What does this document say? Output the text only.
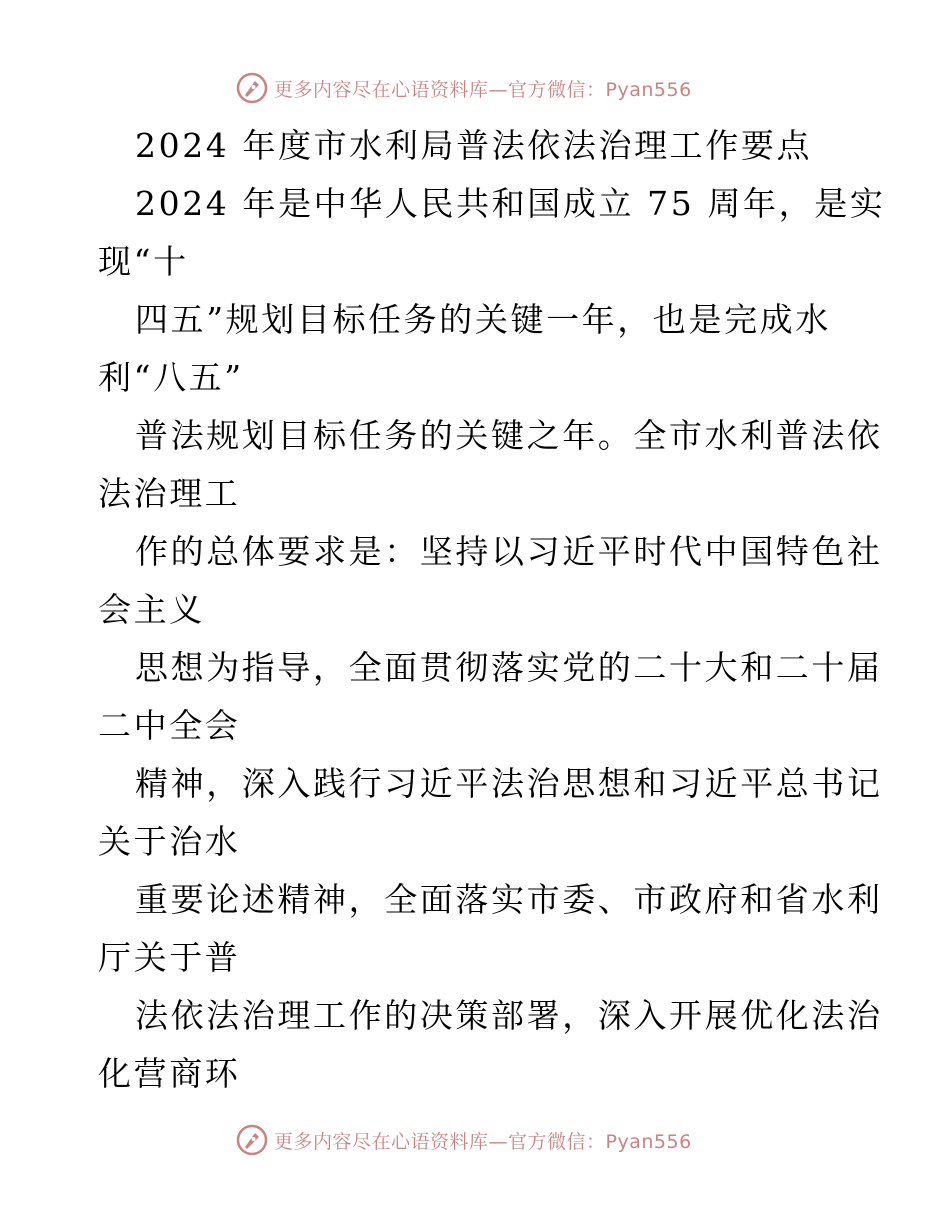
更多内容尽在心语资料库—官方微信：Pyan556
2024 年度市水利局普法依法治理工作要点
2024 年是中华人民共和国成立 75 周年，是实
现“十
四五”规划目标任务的关键一年，也是完成水
利“八五”
普法规划目标任务的关键之年。全市水利普法依
法治理工
作的总体要求是：坚持以习近平时代中国特色社
会主义
思想为指导，全面贯彻落实党的二十大和二十届
二中全会
精神，深入践行习近平法治思想和习近平总书记
关于治水
重要论述精神，全面落实市委、市政府和省水利
厅关于普
法依法治理工作的决策部署，深入开展优化法治
化营商环
更多内容尽在心语资料库—官方微信：Pyan556
